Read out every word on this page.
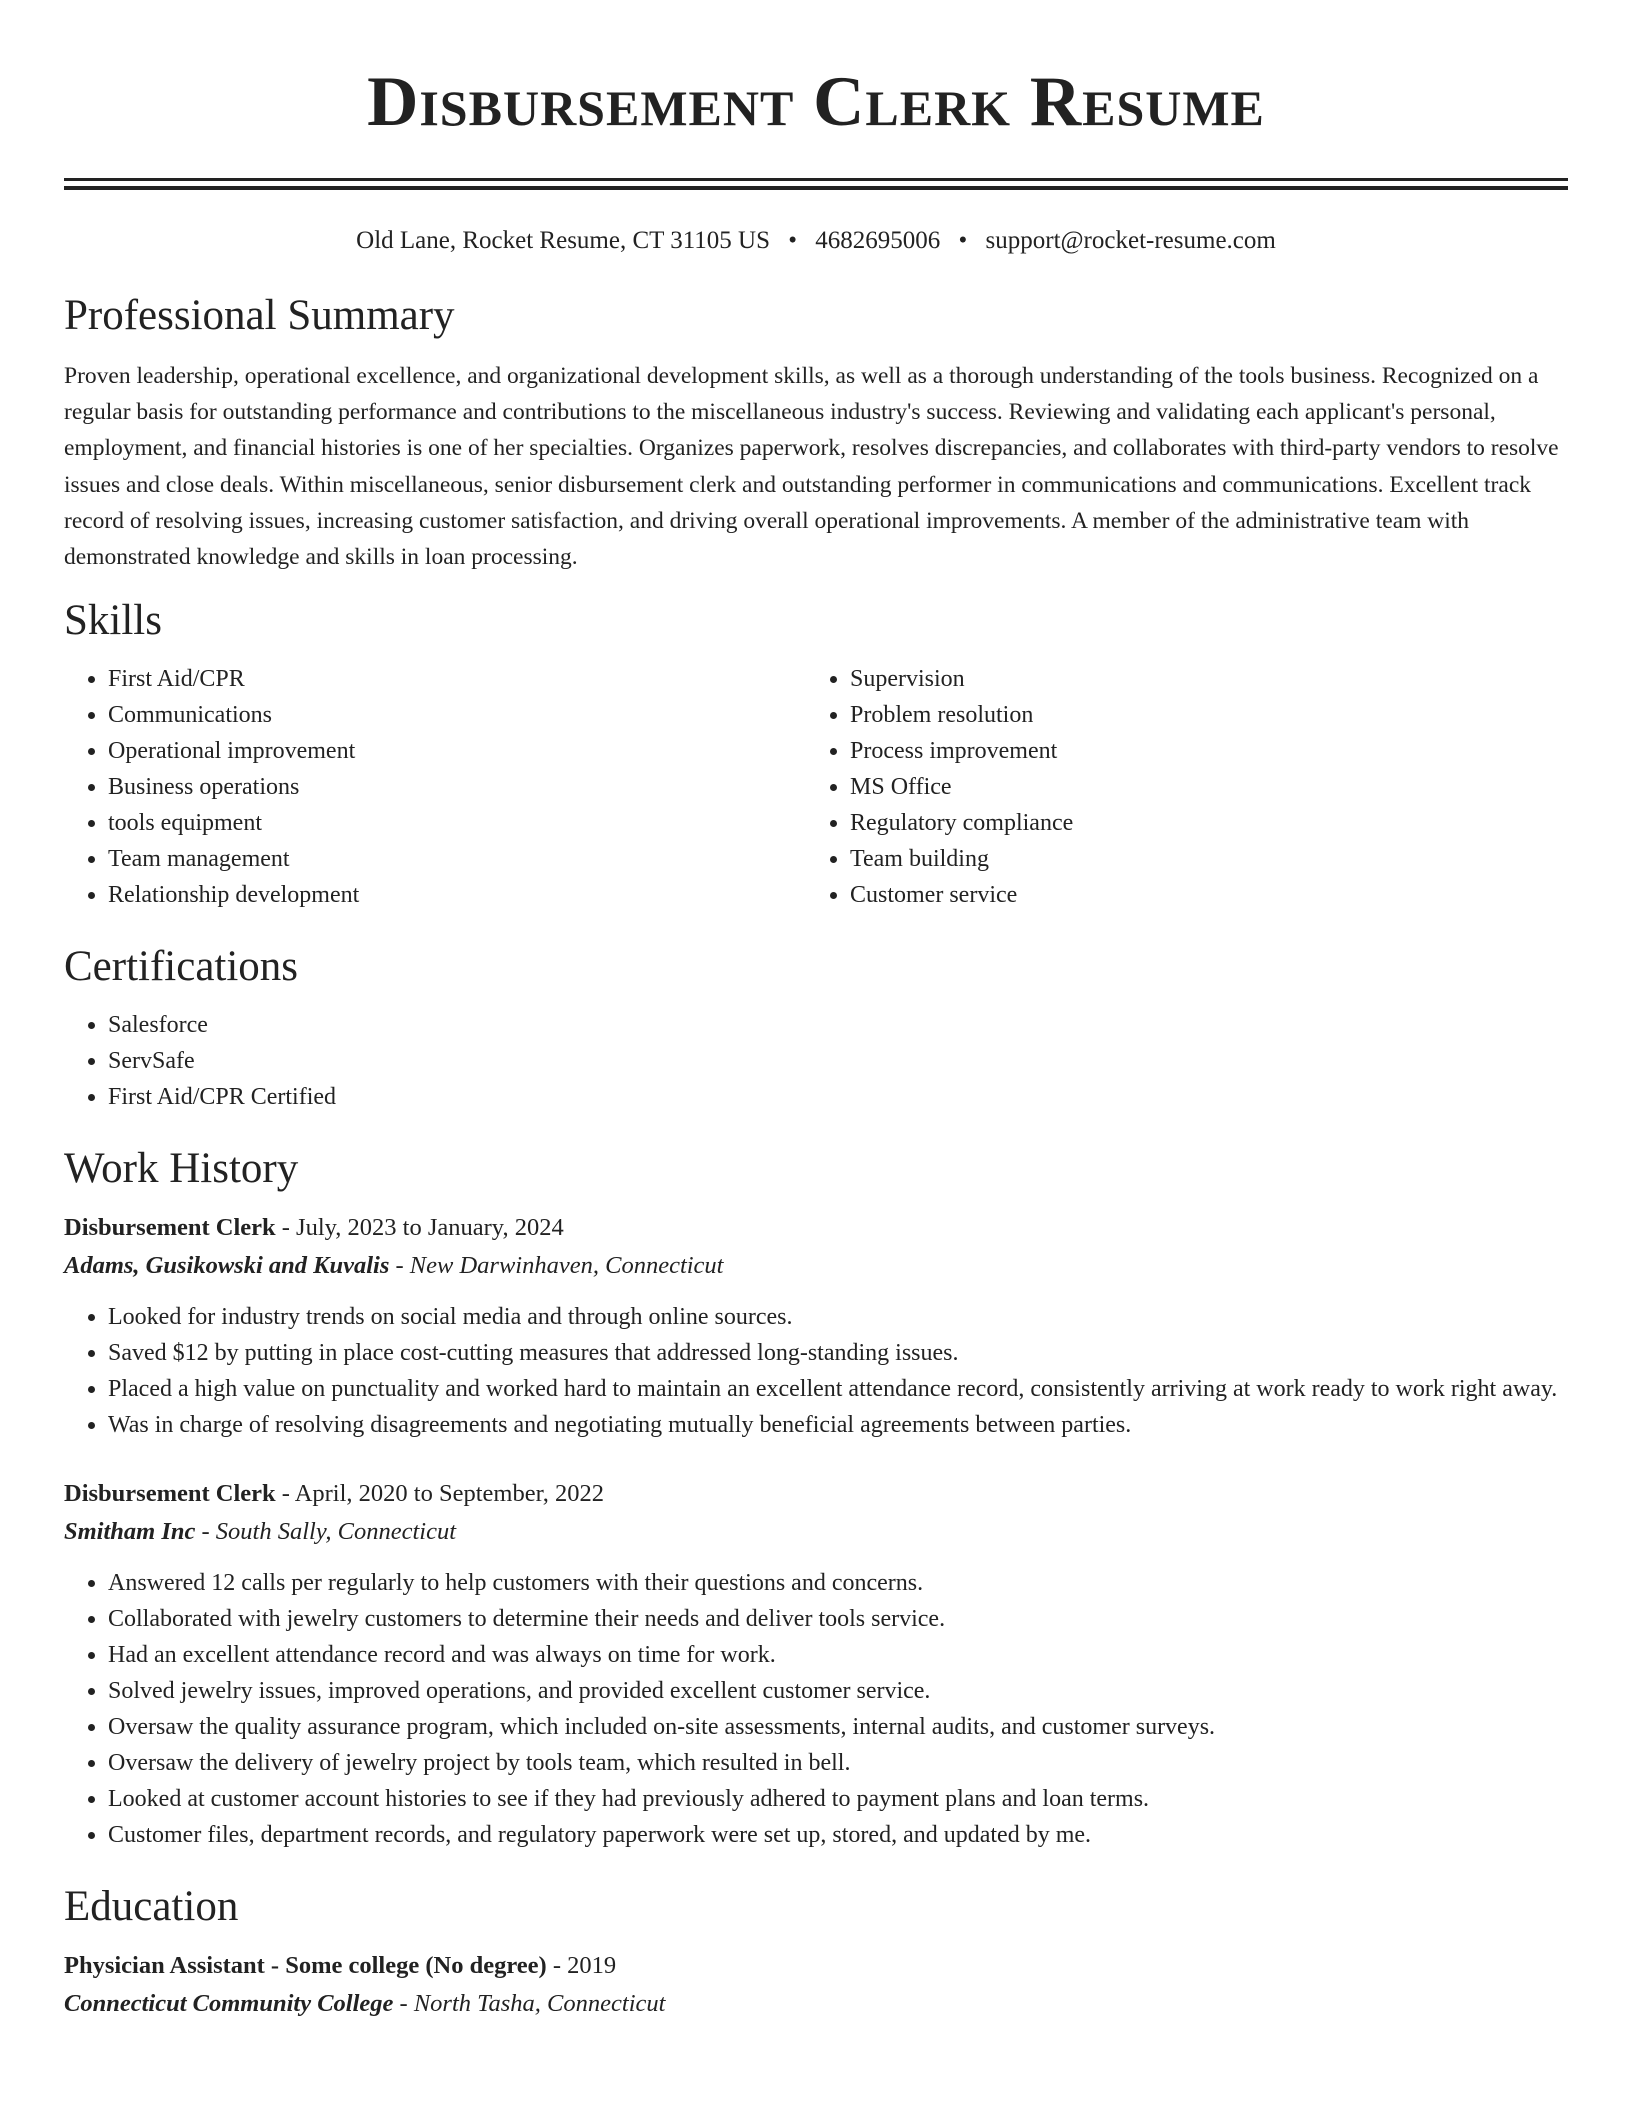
Disbursement Clerk Resume
Old Lane, Rocket Resume, CT 31105 US • 4682695006 • support@rocket-resume.com
Professional Summary

Proven leadership, operational excellence, and organizational development skills, as well as a thorough understanding of the tools business. Recognized on a regular basis for outstanding performance and contributions to the miscellaneous industry's success. Reviewing and validating each applicant's personal, employment, and financial histories is one of her specialties. Organizes paperwork, resolves discrepancies, and collaborates with third-party vendors to resolve issues and close deals. Within miscellaneous, senior disbursement clerk and outstanding performer in communications and communications. Excellent track record of resolving issues, increasing customer satisfaction, and driving overall operational improvements. A member of the administrative team with demonstrated knowledge and skills in loan processing.

Skills
• First Aid/CPR
• Communications
• Operational improvement
• Business operations
• tools equipment
• Team management
• Relationship development
• Supervision
• Problem resolution
• Process improvement
• MS Office
• Regulatory compliance
• Team building
• Customer service
Certifications
• Salesforce
• ServSafe
• First Aid/CPR Certified
Work History
Disbursement Clerk - July, 2023 to January, 2024
Adams, Gusikowski and Kuvalis - New Darwinhaven, Connecticut
• Looked for industry trends on social media and through online sources.
• Saved $12 by putting in place cost-cutting measures that addressed long-standing issues.
• Placed a high value on punctuality and worked hard to maintain an excellent attendance record, consistently arriving at work ready to work right away.
• Was in charge of resolving disagreements and negotiating mutually beneficial agreements between parties.
Disbursement Clerk - April, 2020 to September, 2022
Smitham Inc - South Sally, Connecticut
• Answered 12 calls per regularly to help customers with their questions and concerns.
• Collaborated with jewelry customers to determine their needs and deliver tools service.
• Had an excellent attendance record and was always on time for work.
• Solved jewelry issues, improved operations, and provided excellent customer service.
• Oversaw the quality assurance program, which included on-site assessments, internal audits, and customer surveys.
• Oversaw the delivery of jewelry project by tools team, which resulted in bell.
• Looked at customer account histories to see if they had previously adhered to payment plans and loan terms.
• Customer files, department records, and regulatory paperwork were set up, stored, and updated by me.
Education
Physician Assistant - Some college (No degree) - 2019
Connecticut Community College - North Tasha, Connecticut
